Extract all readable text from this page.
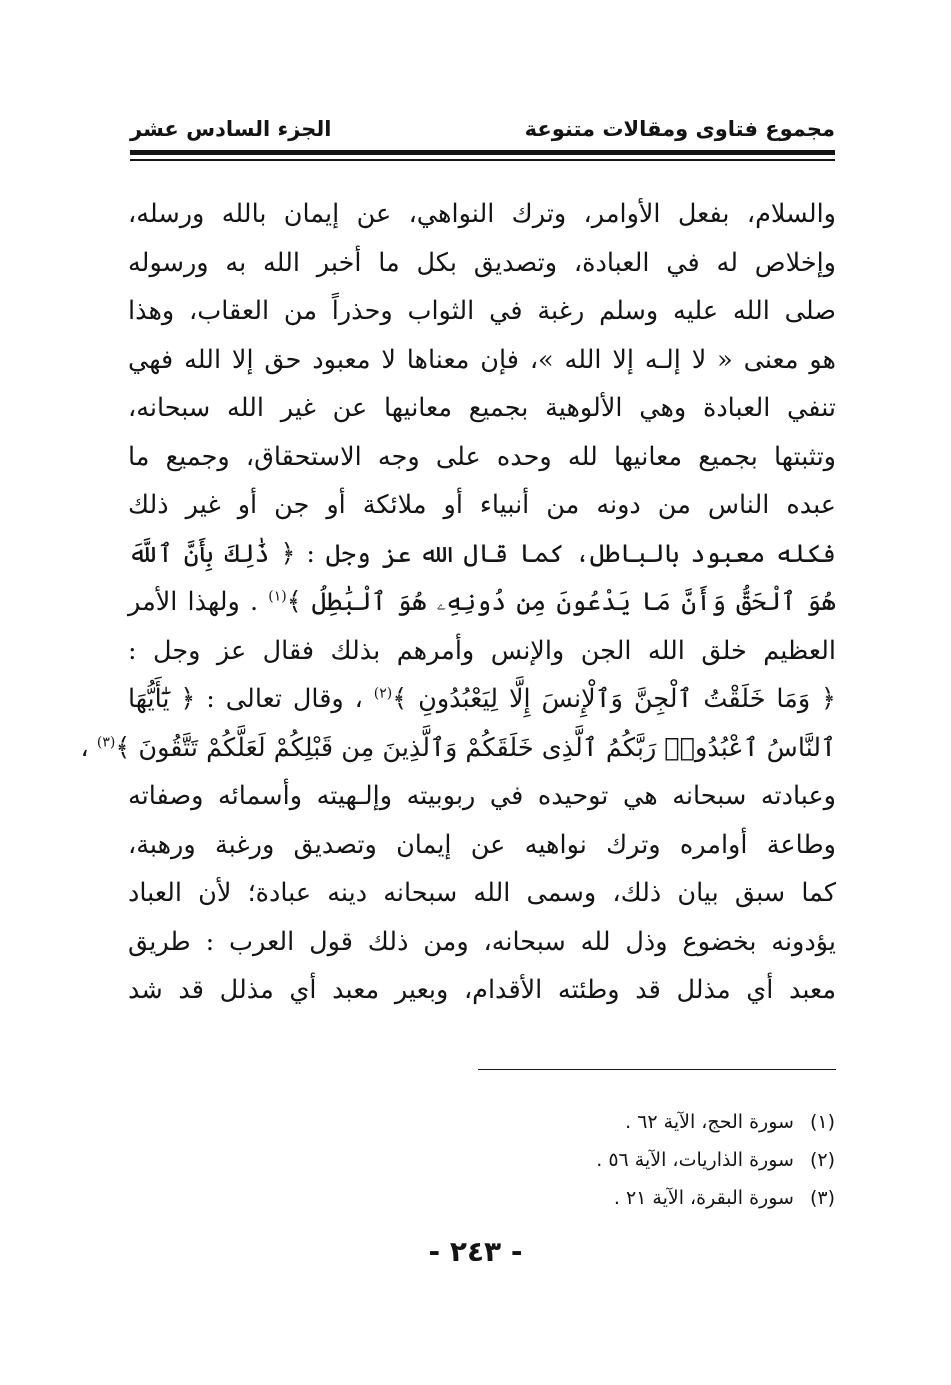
مجموع فتاوى ومقالات متنوعة
الجزء السادس عشر
والسلام، بفعل الأوامر، وترك النواهي، عن إيمان بالله ورسله،
وإخلاص له في العبادة، وتصديق بكل ما أخبر الله به ورسوله
صلى الله عليه وسلم رغبة في الثواب وحذراً من العقاب، وهذا
هو معنى « لا إلـه إلا الله »، فإن معناها لا معبود حق إلا الله فهي
تنفي العبادة وهي الألوهية بجميع معانيها عن غير الله سبحانه،
وتثبتها بجميع معانيها لله وحده على وجه الاستحقاق، وجميع ما
عبده الناس من دونه من أنبياء أو ملائكة أو جن أو غير ذلك
فكله معبود بالباطل، كما قال الله عز وجل : ﴿ ذَٰلِكَ بِأَنَّ ٱللَّهَ
هُوَ ٱلْحَقُّ وَأَنَّ مَا يَدْعُونَ مِن دُونِهِۦ هُوَ ٱلْبَٰطِلُ ﴾$^{(١)}$ . ولهذا الأمر
العظيم خلق الله الجن والإنس وأمرهم بذلك فقال عز وجل :
﴿ وَمَا خَلَقْتُ ٱلْجِنَّ وَٱلْإِنسَ إِلَّا لِيَعْبُدُونِ ﴾$^{(٢)}$ ، وقال تعالى : ﴿ يَٰٓأَيُّهَا
ٱلنَّاسُ ٱعْبُدُوا۟ رَبَّكُمُ ٱلَّذِى خَلَقَكُمْ وَٱلَّذِينَ مِن قَبْلِكُمْ لَعَلَّكُمْ تَتَّقُونَ ﴾$^{(٣)}$ ،
وعبادته سبحانه هي توحيده في ربوبيته وإلـهيته وأسمائه وصفاته
وطاعة أوامره وترك نواهيه عن إيمان وتصديق ورغبة ورهبة،
كما سبق بيان ذلك، وسمى الله سبحانه دينه عبادة؛ لأن العباد
يؤدونه بخضوع وذل لله سبحانه، ومن ذلك قول العرب : طريق
معبد أي مذلل قد وطئته الأقدام، وبعير معبد أي مذلل قد شد
(١)سورة الحج، الآية ٦٢ .
(٢)سورة الذاريات، الآية ٥٦ .
(٣)سورة البقرة، الآية ٢١ .
- ٢٤٣ -
